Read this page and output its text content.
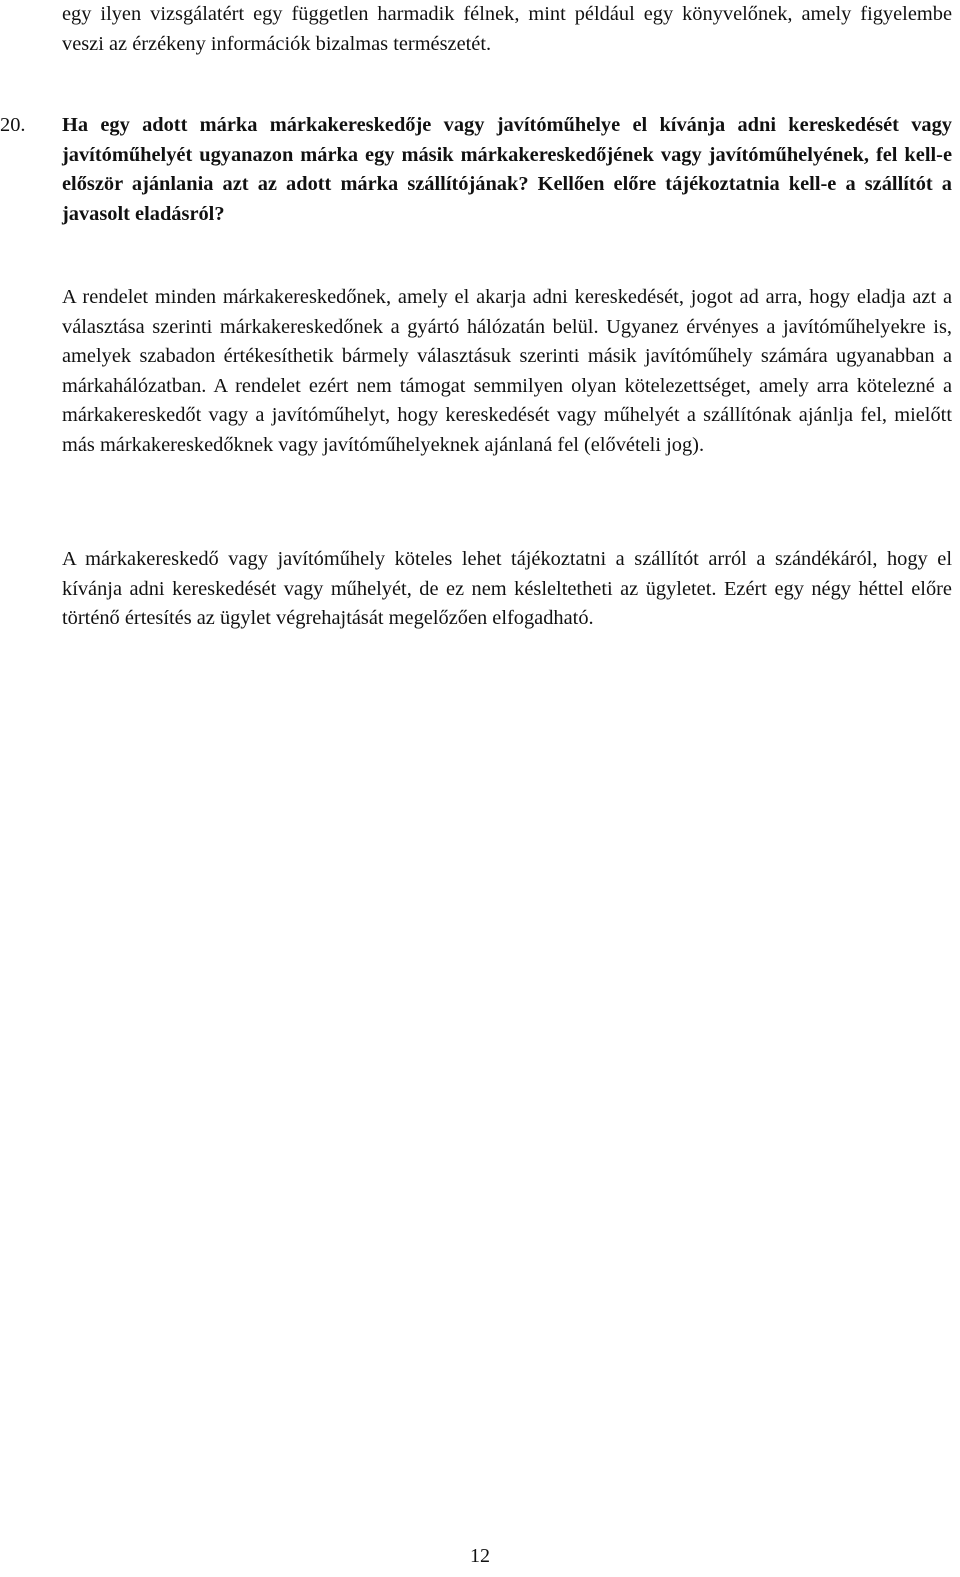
egy ilyen vizsgálatért egy független harmadik félnek, mint például egy könyvelőnek, amely figyelembe veszi az érzékeny információk bizalmas természetét.

20.	Ha egy adott márka márkakereskedője vagy javítóműhelye el kívánja adni kereskedését vagy javítóműhelyét ugyanazon márka egy másik márkakereskedőjének vagy javítóműhelyének, fel kell-e először ajánlania azt az adott márka szállítójának? Kellően előre tájékoztatnia kell-e a szállítót a javasolt eladásról?

A rendelet minden márkakereskedőnek, amely el akarja adni kereskedését, jogot ad arra, hogy eladja azt a választása szerinti márkakereskedőnek a gyártó hálózatán belül. Ugyanez érvényes a javítóműhelyekre is, amelyek szabadon értékesíthetik bármely választásuk szerinti másik javítóműhely számára ugyanabban a márkahálózatban. A rendelet ezért nem támogat semmilyen olyan kötelezettséget, amely arra kötelezné a márkakereskedőt vagy a javítóműhelyt, hogy kereskedését vagy műhelyét a szállítónak ajánlja fel, mielőtt más márkakereskedőknek vagy javítóműhelyeknek ajánlaná fel (elővételi jog).

A márkakereskedő vagy javítóműhely köteles lehet tájékoztatni a szállítót arról a szándékáról, hogy el kívánja adni kereskedését vagy műhelyét, de ez nem késleltetheti az ügyletet. Ezért egy négy héttel előre történő értesítés az ügylet végrehajtását megelőzően elfogadható.

12
